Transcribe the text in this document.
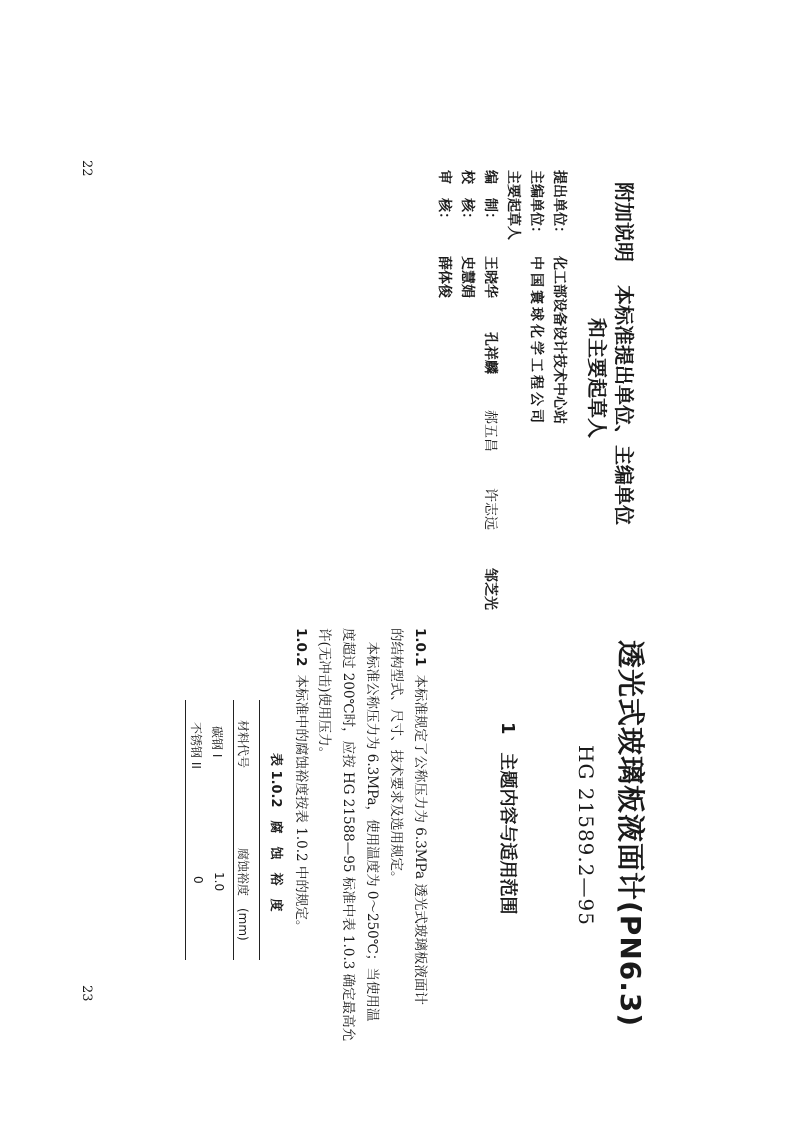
22
23
附加说明 本标准提出单位、主编单位
和主要起草人
提出单位：化工部设备设计技术中心站
主编单位：中国寰球化学工程公司
主要起草人
编　制：
王晓华
孔祥麟
郝五昌
许志远
邹芝光
校　核：史慧娟
审　核：薛体俊
透光式玻璃板液面计(PN6.3)
HG 21589.2—95
1主题内容与适用范围
1.0.1本标准规定了公称压力为 6.3MPa 透光式玻璃板液面计
的结构型式、尺寸、技术要求及选用规定。
　本标准公称压力为 6.3MPa，使用温度为 0～250℃；当使用温
度超过 200℃时，应按 HG 21588—95 标准中表 1.0.3 确定最高允
许(无冲击)使用压力。
1.0.2本标准中的腐蚀裕度按表 1.0.2 中的规定。
表 1.0.2　腐　蚀　裕　度
材料代号
腐蚀裕度　(mm)
碳钢 I
1.0
不锈钢 II
0
